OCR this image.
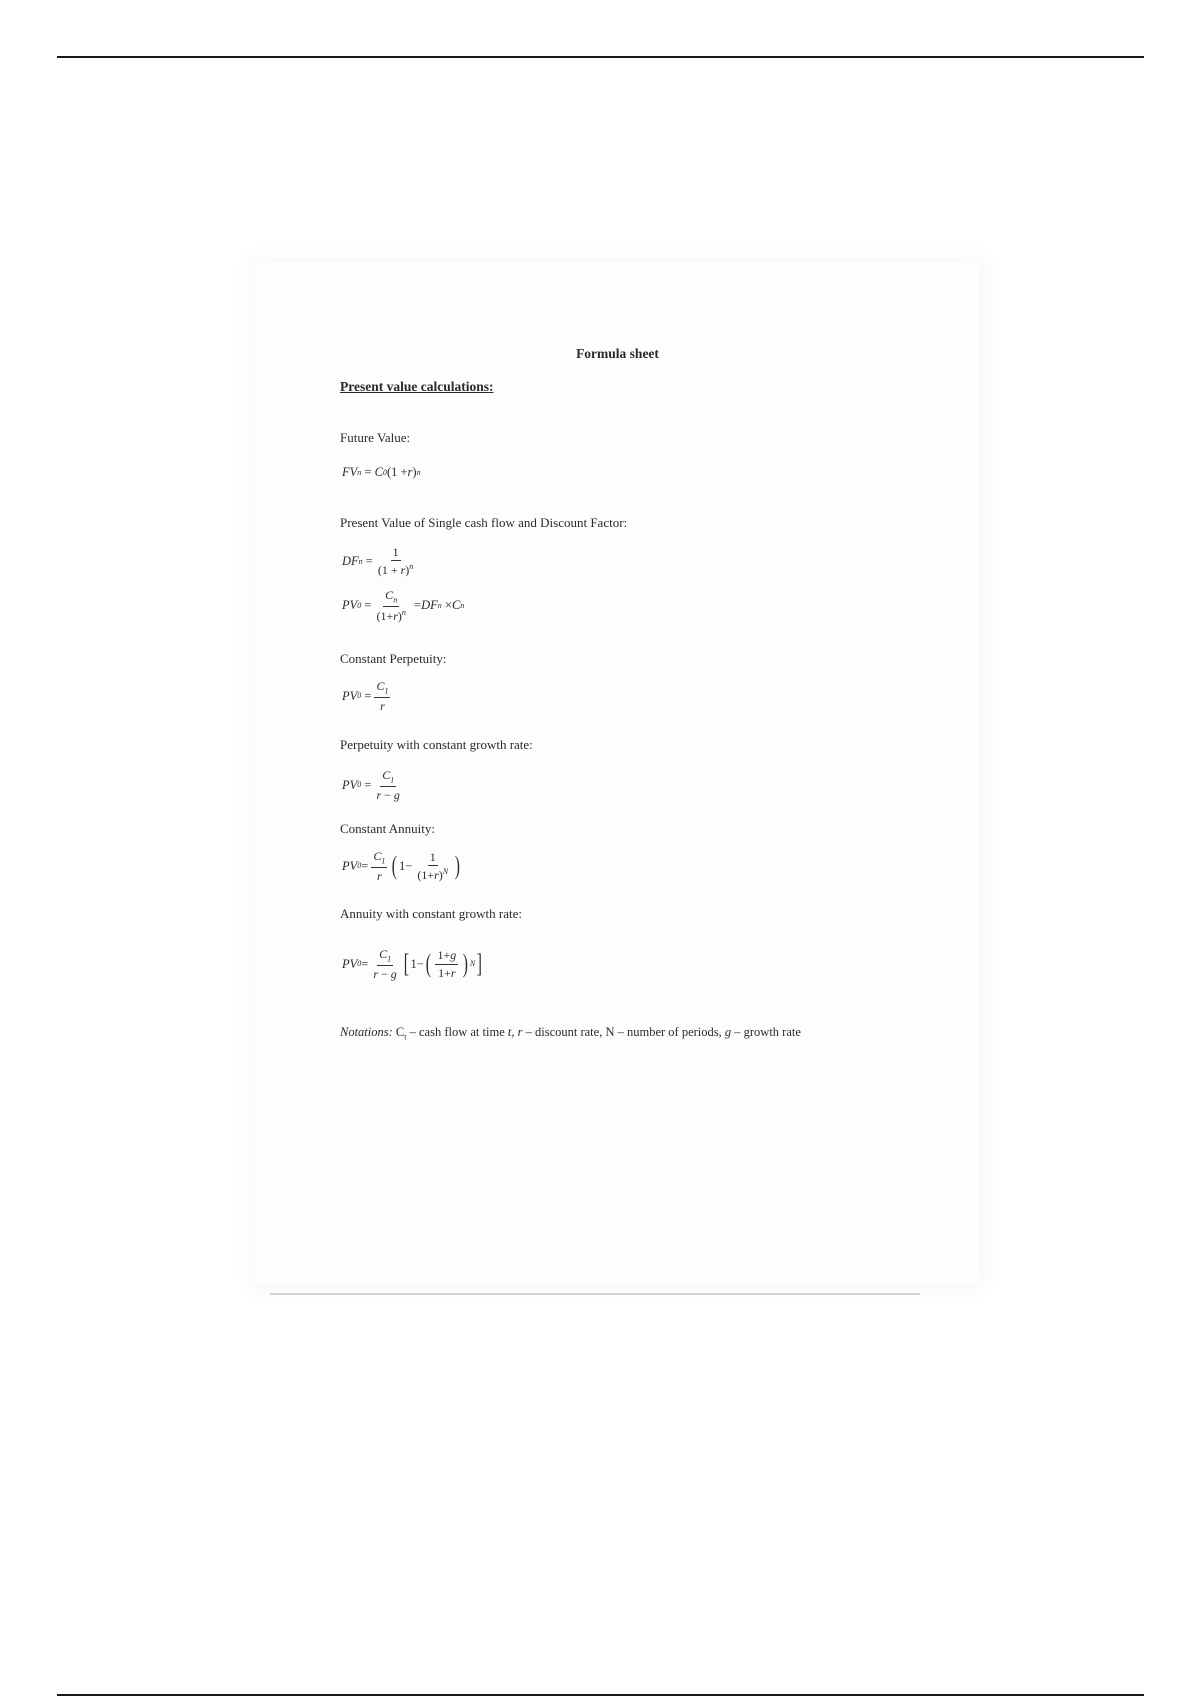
Formula sheet
Present value calculations:
Future Value:
FV n
= C 0 (1 + r ) n
Present Value of Single cash flow and Discount Factor:
DF n
= $\frac{1}{(1 + r)^n}$
PV 0
= $\frac{C_n}{(1+r)^n}$ = DF n × C n
Constant Perpetuity:
PV 0
= $\frac{C_1}{r}$
Perpetuity with constant growth rate:
PV 0
= $\frac{C_1}{r - g}$
Constant Annuity:
PV $0 = \frac{C_1}{r}$ ( $1- \frac{1}{(1+r)^N}$ )
Annuity with constant growth rate:
PV $0 = \frac{C_1}{r - g}$ [ 1− ( $\frac{1+g}{1+r}$ ) N ]
Notations: $C_t$ – cash flow at time t, r – discount rate, N – number of periods, g – growth rate
